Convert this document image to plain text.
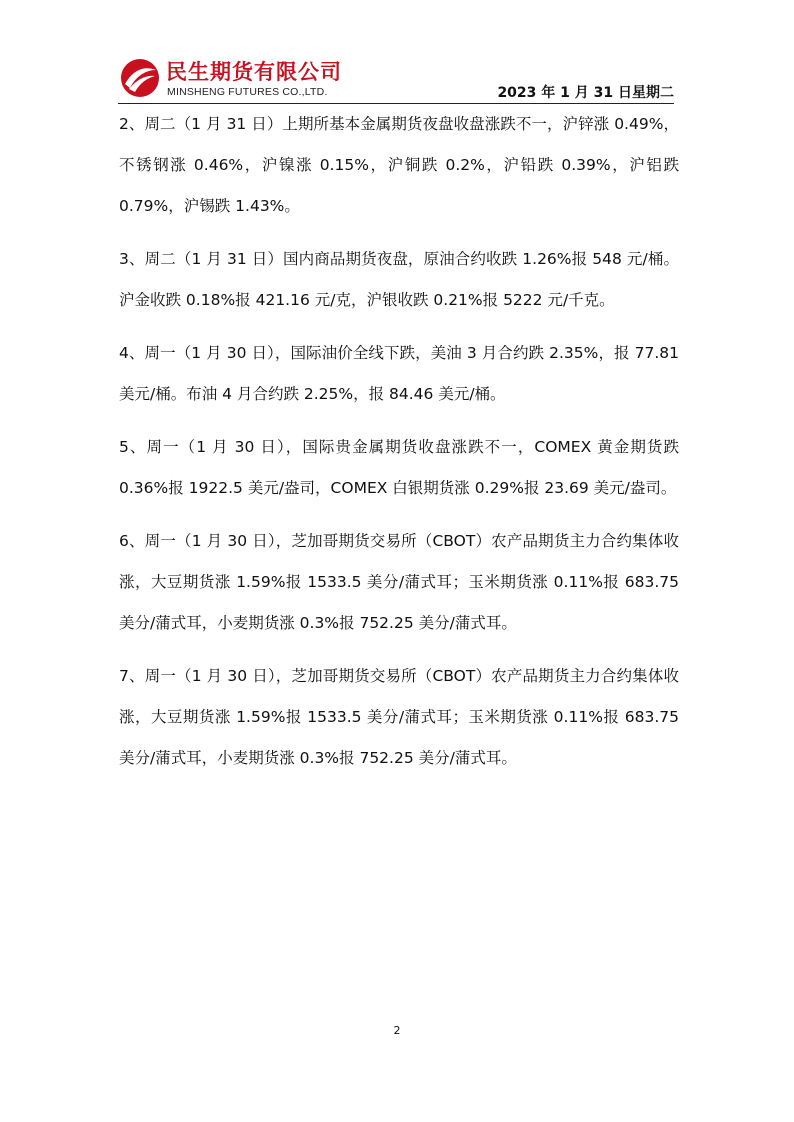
民生期货有限公司
MINSHENG FUTURES CO.,LTD.	2023 年 1 月 31 日星期二

2、周二（1 月 31 日）上期所基本金属期货夜盘收盘涨跌不一，沪锌涨 0.49%，不锈钢涨 0.46%，沪镍涨 0.15%，沪铜跌 0.2%，沪铅跌 0.39%，沪铝跌 0.79%，沪锡跌 1.43%。

3、周二（1 月 31 日）国内商品期货夜盘，原油合约收跌 1.26%报 548 元/桶。沪金收跌 0.18%报 421.16 元/克，沪银收跌 0.21%报 5222 元/千克。

4、周一（1 月 30 日），国际油价全线下跌，美油 3 月合约跌 2.35%，报 77.81 美元/桶。布油 4 月合约跌 2.25%，报 84.46 美元/桶。

5、周一（1 月 30 日），国际贵金属期货收盘涨跌不一，COMEX 黄金期货跌 0.36%报 1922.5 美元/盎司，COMEX 白银期货涨 0.29%报 23.69 美元/盎司。

6、周一（1 月 30 日），芝加哥期货交易所（CBOT）农产品期货主力合约集体收涨，大豆期货涨 1.59%报 1533.5 美分/蒲式耳；玉米期货涨 0.11%报 683.75 美分/蒲式耳，小麦期货涨 0.3%报 752.25 美分/蒲式耳。

7、周一（1 月 30 日），芝加哥期货交易所（CBOT）农产品期货主力合约集体收涨，大豆期货涨 1.59%报 1533.5 美分/蒲式耳；玉米期货涨 0.11%报 683.75 美分/蒲式耳，小麦期货涨 0.3%报 752.25 美分/蒲式耳。

2
